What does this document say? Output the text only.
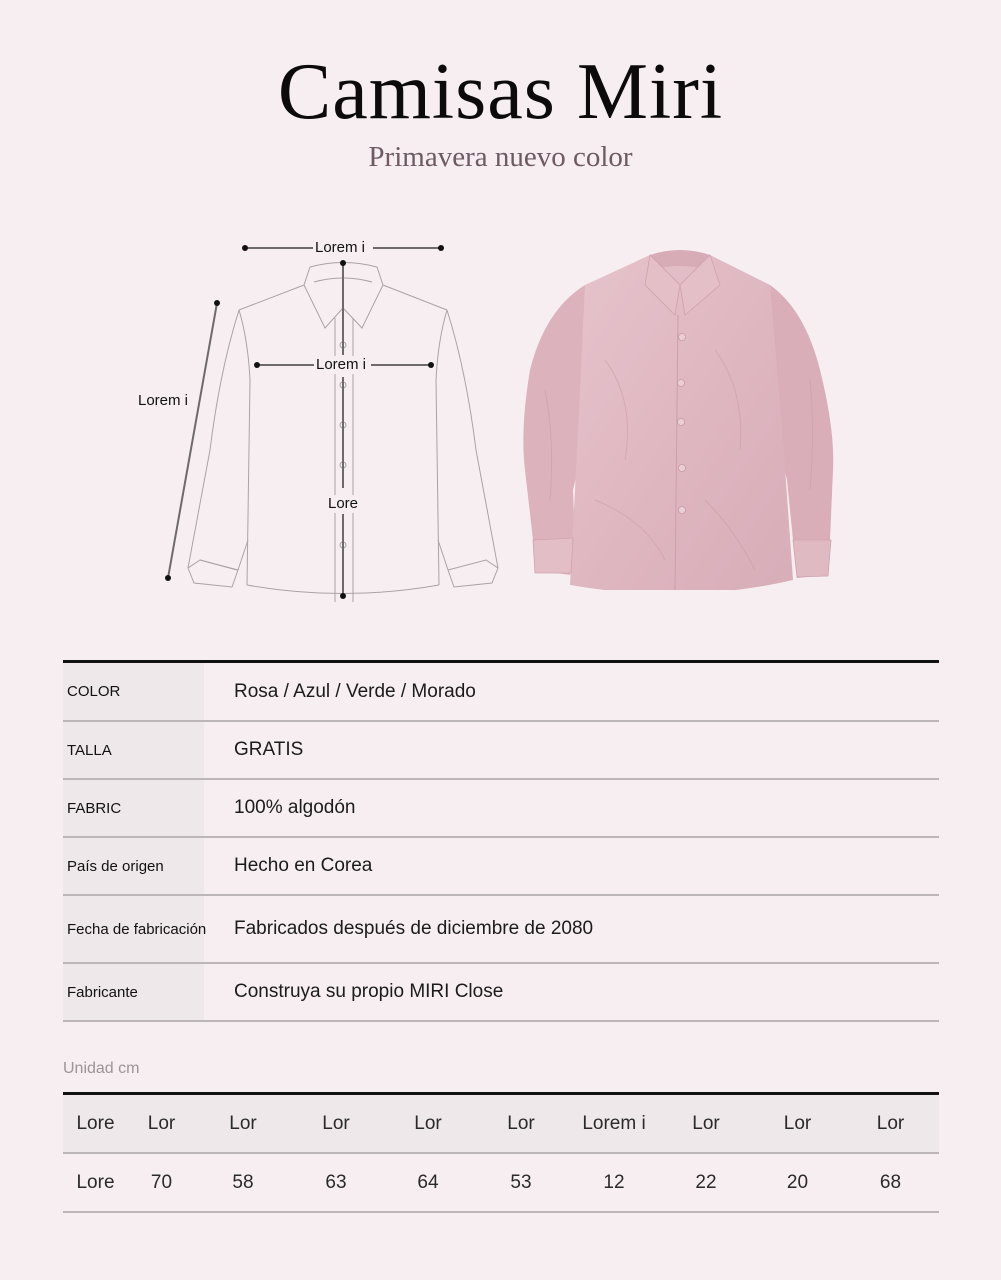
Camisas Miri
Primavera nuevo color
Lorem i
Lorem i
Lorem i
Lore
COLOR	Rosa / Azul / Verde / Morado
TALLA	GRATIS
FABRIC	100% algodón
País de origen	Hecho en Corea
Fecha de fabricación	Fabricados después de diciembre de 2080
Fabricante	Construya su propio MIRI Close
Unidad cm
Lore	Lor	Lor	Lor	Lor	Lor	Lorem i	Lor	Lor	Lor
Lore	70	58	63	64	53	12	22	20	68
